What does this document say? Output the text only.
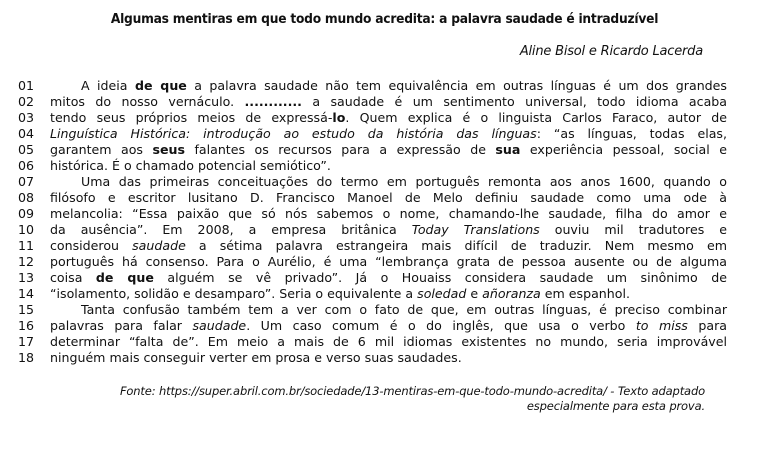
Algumas mentiras em que todo mundo acredita: a palavra saudade é intraduzível
Aline Bisol e Ricardo Lacerda
01	A ideia de que a palavra saudade não tem equivalência em outras línguas é um dos grandes
02	mitos do nosso vernáculo. ............ a saudade é um sentimento universal, todo idioma acaba
03	tendo seus próprios meios de expressá-lo. Quem explica é o linguista Carlos Faraco, autor de
04	Linguística Histórica: introdução ao estudo da história das línguas: “as línguas, todas elas,
05	garantem aos seus falantes os recursos para a expressão de sua experiência pessoal, social e
06	histórica. É o chamado potencial semiótico”.
07	Uma das primeiras conceituações do termo em português remonta aos anos 1600, quando o
08	filósofo e escritor lusitano D. Francisco Manoel de Melo definiu saudade como uma ode à
09	melancolia: “Essa paixão que só nós sabemos o nome, chamando-lhe saudade, filha do amor e
10	da ausência”. Em 2008, a empresa britânica Today Translations ouviu mil tradutores e
11	considerou saudade a sétima palavra estrangeira mais difícil de traduzir. Nem mesmo em
12	português há consenso. Para o Aurélio, é uma “lembrança grata de pessoa ausente ou de alguma
13	coisa de que alguém se vê privado”. Já o Houaiss considera saudade um sinônimo de
14	“isolamento, solidão e desamparo”. Seria o equivalente a soledad e añoranza em espanhol.
15	Tanta confusão também tem a ver com o fato de que, em outras línguas, é preciso combinar
16	palavras para falar saudade. Um caso comum é o do inglês, que usa o verbo to miss para
17	determinar “falta de”. Em meio a mais de 6 mil idiomas existentes no mundo, seria improvável
18	ninguém mais conseguir verter em prosa e verso suas saudades.
Fonte: https://super.abril.com.br/sociedade/13-mentiras-em-que-todo-mundo-acredita/ - Texto adaptado
especialmente para esta prova.
